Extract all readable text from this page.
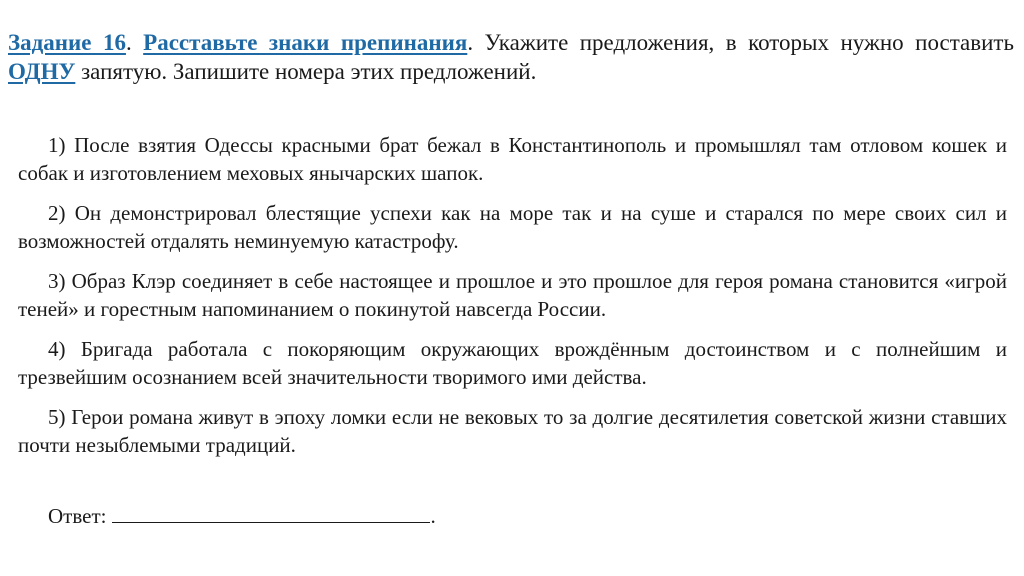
Задание 16. Расставьте знаки препинания. Укажите предложения, в которых нужно поставить ОДНУ запятую. Запишите номера этих предложений.

1) После взятия Одессы красными брат бежал в Константинополь и промышлял там отловом кошек и собак и изготовлением меховых янычарских шапок.

2) Он демонстрировал блестящие успехи как на море так и на суше и старался по мере своих сил и возможностей отдалять неминуемую катастрофу.

3) Образ Клэр соединяет в себе настоящее и прошлое и это прошлое для героя романа становится «игрой теней» и горестным напоминанием о покинутой навсегда России.

4) Бригада работала с покоряющим окружающих врождённым достоинством и с полнейшим и трезвейшим осознанием всей значительности творимого ими действа.

5) Герои романа живут в эпоху ломки если не вековых то за долгие десятилетия советской жизни ставших почти незыблемыми традиций.

Ответ:	.
